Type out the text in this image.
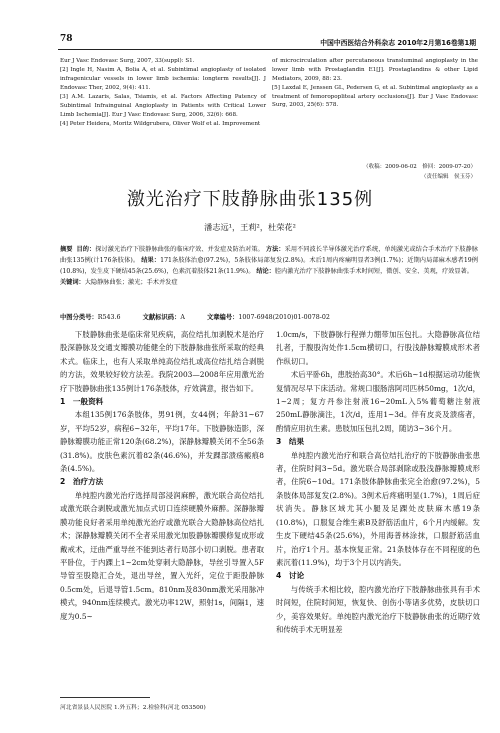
78	中国中西医结合外科杂志 2010年2月第16卷第1期

Eur J Vasc Endovasc Surg, 2007, 33(suppl): S1.

[2] Ingle H, Nasim A, Bolia A, et al. Subintimal angioplasty of isolated infragenicular vessels in lower limb ischemia: longterm results[J]. J Endovasc Ther, 2002, 9(4): 411.

[3] A.M. Lazaris, Salas, Tsiamis, et al. Factors Affecting Patency of Subintimal Infrainguinal Angioplasty in Patients with Critical Lower Limb Ischemia[J]. Eur J Vasc Endovasc Surg, 2006, 32(6): 668.

[4] Peter Heidera, Moritz Wildgrubera, Oliver Wolf et al. Improvement

of microcirculation after percutaneous transluminal angioplasty in the lower limb with Prostaglandin E1[J]. Prostaglandins & other Lipid Mediators, 2009, 88: 23.

[5] Laxdal E, Jenssen GL, Pedersen G, et al. Subintimal angioplasty as a treatment of femoropopliteal artery occlusions[J]. Eur J Vasc Endovasc Surg, 2003, 25(6): 578.

（收稿：2009-06-02　修回：2009-07-20）
（责任编辑　侯玉芬）
激光治疗下肢静脉曲张135例
潘志远¹，王莉²，杜荣花²

摘要 目的：探讨激光治疗下肢静脉曲张的临床疗效、并发症及防治对策。 方法：采用不同波长半导体激光治疗系统，单纯激光或结合手术治疗下肢静脉曲张135例(计176条肢体)。 结果：171条肢体治愈(97.2%)，5条肢体局部复发(2.8%)。术后1周内疼痛明显者3例(1.7%)；近期内局部麻木感者19例(10.8%)，发生皮下硬结45条(25.6%)，色素沉着肢体21条(11.9%)。 结论：腔内激光治疗下肢静脉曲张手术时间短，微创、安全、美观，疗效显著。

关键词：大隐静脉曲张；激光；手术并发症

中图分类号：R543.6	文献标识码：A	文章编号：1007-6948(2010)01-0078-02

下肢静脉曲张是临床常见疾病，高位结扎加剥脱术是治疗股深静脉及交通支瓣膜功能健全的下肢静脉曲张所采取的经典术式。临床上，也有人采取单纯高位结扎或高位结扎结合剥脱的方法，效果较好较方法差。我院2003—2008年应用激光治疗下肢静脉曲张135例计176条肢体，疗效满意，报告如下。

1　一般资料

本组135例176条肢体，男91例，女44例；年龄31~67岁，平均52岁，病程6~32年，平均17年。下肢静脉造影，深静脉瓣膜功能正常120条(68.2%)，深静脉瓣膜关闭不全56条(31.8%)。皮肤色素沉着82条(46.6%)，并发踝部溃疡瘢痕8条(4.5%)。

2　治疗方法

单纯腔内激光治疗选择局部浸润麻醉，激光联合高位结扎或激光联合剥脱或激光加点式切口连续硬膜外麻醉。深静脉瓣膜功能良好者采用单纯激光治疗或激光联合大隐静脉高位结扎术；深静脉瓣膜关闭不全者采用激光加股静脉瓣膜修复成形或戴戒术，迂曲严重导丝不能到达者行局部小切口剥脱。患者取平卧位，于内踝上1~2cm处穿刺大隐静脉，导丝引导置入5F导管至股隐汇合处，退出导丝，置入光纤，定位于距股静脉0.5cm处，后退导管1.5cm。810nm及830nm激光采用脉冲模式，940nm连续模式。激光功率12W，照射1s，间隔1，速度为0.5~

1.0cm/s，下肢静脉行程弹力绷带加压包扎。大隐静脉高位结扎者，于腹股沟处作1.5cm横切口，行股浅静脉瓣膜成形术者作纵切口。

术后平卧6h，患肢抬高30°。术后6h~1d根据运动功能恢复情况尽早下床活动。常规口服肠溶阿司匹林50mg，1次/d，1~2周；复方丹参注射液16~20mL入5%葡萄糖注射液250mL静脉滴注，1次/d，连用1~3d。伴有皮炎及溃疡者，酌情应用抗生素。患肢加压包扎2周，随访3~36个月。

3　结果

单纯腔内激光治疗和联合高位结扎治疗的下肢静脉曲张患者，住院时间3~5d。激光联合局部剥除或股浅静脉瓣膜成形者，住院6~10d。171条肢体静脉曲张完全治愈(97.2%)，5条肢体局部复发(2.8%)。3例术后疼痛明显(1.7%)，1周后症状消失。静脉区域尤其小腿及足踝处皮肤麻木感19条(10.8%)，口服复合维生素B及舒筋活血片，6个月内缓解。发生皮下硬结45条(25.6%)，外用海普林涂抹，口服舒筋活血片，治疗1个月。基本恢复正常。21条肢体存在不同程度的色素沉着(11.9%)，均于3个月以内消失。

4　讨论

与传统手术相比较，腔内激光治疗下肢静脉曲张具有手术时间短，住院时间短，恢复快、创伤小等诸多优势，皮肤切口少，美容效果好。单纯腔内激光治疗下肢静脉曲张的近期疗效和传统手术无明显差

河北省景县人民医院 1.外五科；2.检验科(河北 053500)
